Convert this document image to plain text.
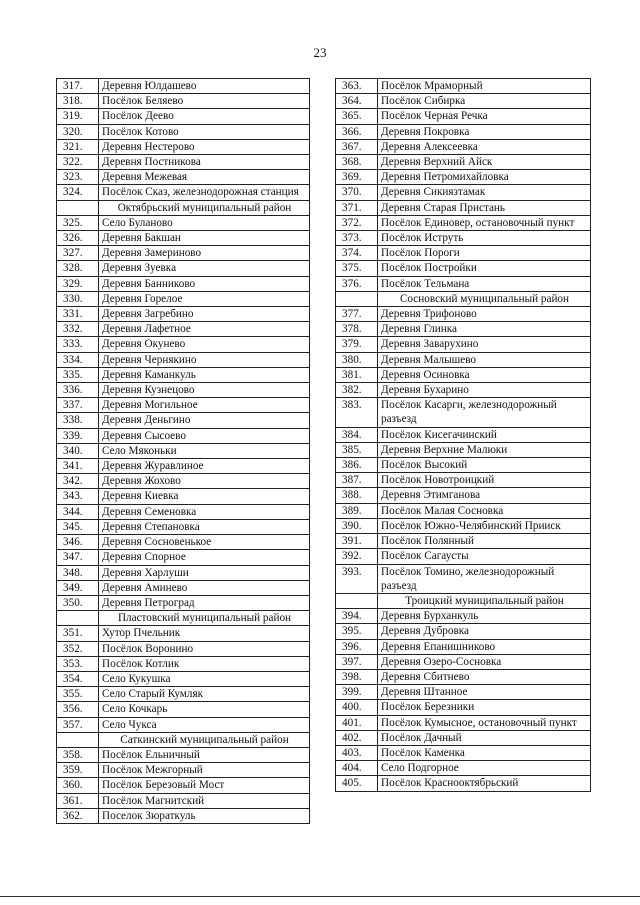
23
317.	Деревня Юлдашево
318.	Посёлок Беляево
319.	Посёлок Деево
320.	Посёлок Котово
321.	Деревня Нестерово
322.	Деревня Постникова
323.	Деревня Межевая
324.	Посёлок Сказ, железнодорожная станция
	Октябрьский муниципальный район
325.	Село Буланово
326.	Деревня Бакшан
327.	Деревня Замериново
328.	Деревня Зуевка
329.	Деревня Банниково
330.	Деревня Горелое
331.	Деревня Загребино
332.	Деревня Лафетное
333.	Деревня Окунево
334.	Деревня Чернякино
335.	Деревня Каманкуль
336.	Деревня Кузнецово
337.	Деревня Могильное
338.	Деревня Деньгино
339.	Деревня Сысоево
340.	Село Мяконьки
341.	Деревня Журавлиное
342.	Деревня Жохово
343.	Деревня Киевка
344.	Деревня Семеновка
345.	Деревня Степановка
346.	Деревня Сосновенькое
347.	Деревня Спорное
348.	Деревня Харлуши
349.	Деревня Аминево
350.	Деревня Петроград
	Пластовский муниципальный район
351.	Хутор Пчельник
352.	Посёлок Воронино
353.	Посёлок Котлик
354.	Село Кукушка
355.	Село Старый Кумляк
356.	Село Кочкарь
357.	Село Чукса
	Саткинский муниципальный район
358.	Посёлок Ельничный
359.	Посёлок Межгорный
360.	Посёлок Березовый Мост
361.	Посёлок Магнитский
362.	Поселок Зюраткуль
363.	Посёлок Мраморный
364.	Посёлок Сибирка
365.	Посёлок Черная Речка
366.	Деревня Покровка
367.	Деревня Алексеевка
368.	Деревня Верхний Айск
369.	Деревня Петромихайловка
370.	Деревня Сикиязтамак
371.	Деревня Старая Пристань
372.	Посёлок Единовер, остановочный пункт
373.	Посёлок Иструть
374.	Посёлок Пороги
375.	Посёлок Постройки
376.	Посёлок Тельмана
	Сосновский муниципальный район
377.	Деревня Трифоново
378.	Деревня Глинка
379.	Деревня Заварухино
380.	Деревня Малышево
381.	Деревня Осиновка
382.	Деревня Бухарино
383.	Посёлок Касарги, железнодорожный разъезд
384.	Посёлок Кисегачинский
385.	Деревня Верхние Малюки
386.	Посёлок Высокий
387.	Посёлок Новотроицкий
388.	Деревня Этимганова
389.	Посёлок Малая Сосновка
390.	Посёлок Южно-Челябинский Прииск
391.	Посёлок Полянный
392.	Посёлок Сагаусты
393.	Посёлок Томино, железнодорожный разъезд
	Троицкий муниципальный район
394.	Деревня Бурханкуль
395.	Деревня Дубровка
396.	Деревня Епанишниково
397.	Деревня Озеро-Сосновка
398.	Деревня Сбитнево
399.	Деревня Штанное
400.	Посёлок Березники
401.	Посёлок Кумысное, остановочный пункт
402.	Посёлок Дачный
403.	Посёлок Каменка
404.	Село Подгорное
405.	Посёлок Краснооктябрьский
